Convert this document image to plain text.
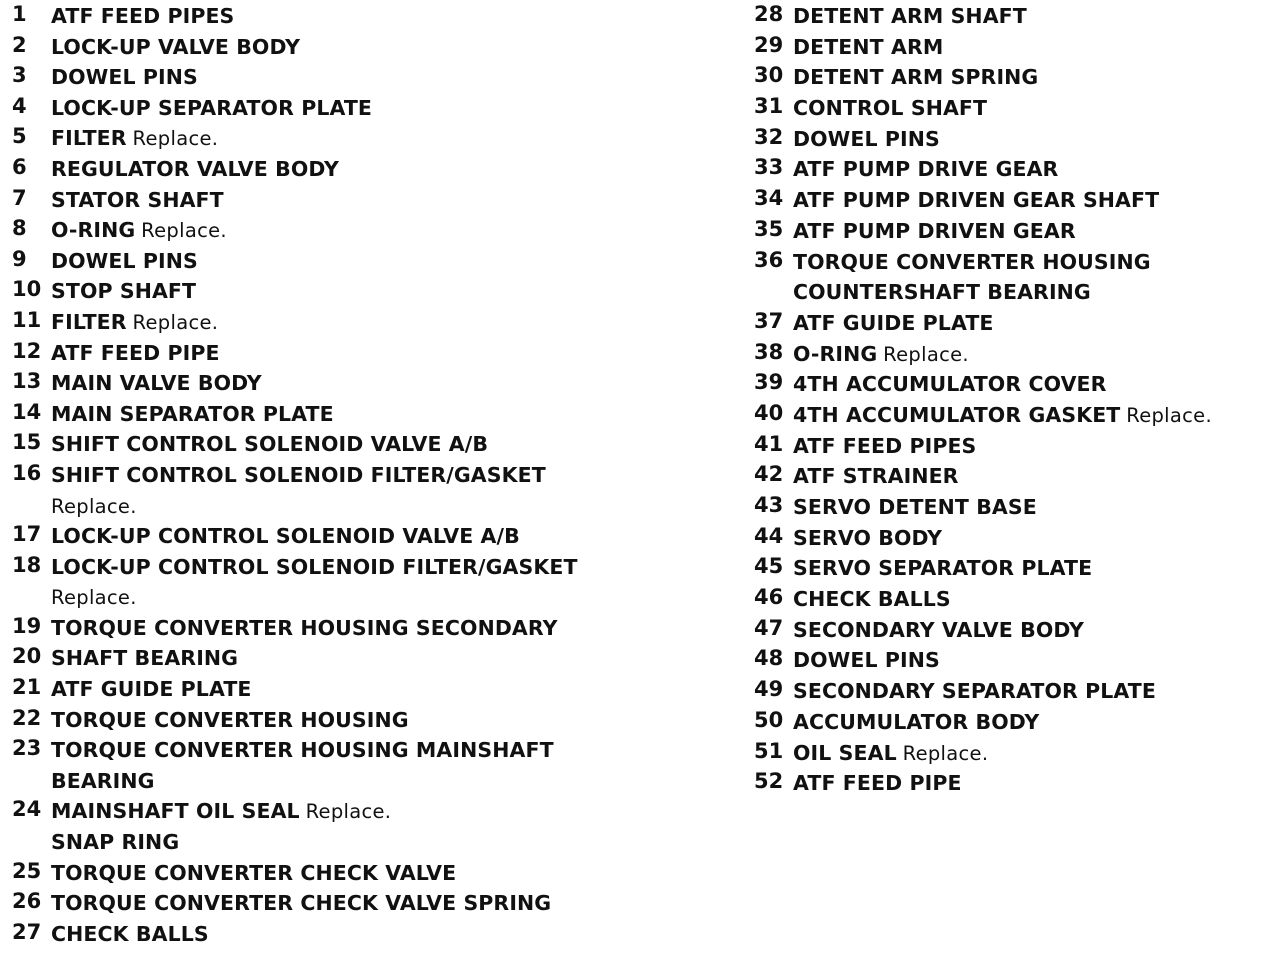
1 ATF FEED PIPES
2 LOCK-UP VALVE BODY
3 DOWEL PINS
4 LOCK-UP SEPARATOR PLATE
5 FILTER Replace.
6 REGULATOR VALVE BODY
7 STATOR SHAFT
8 O-RING Replace.
9 DOWEL PINS
10 STOP SHAFT
11 FILTER Replace.
12 ATF FEED PIPE
13 MAIN VALVE BODY
14 MAIN SEPARATOR PLATE
15 SHIFT CONTROL SOLENOID VALVE A/B
16 SHIFT CONTROL SOLENOID FILTER/GASKET
Replace.
17 LOCK-UP CONTROL SOLENOID VALVE A/B
18 LOCK-UP CONTROL SOLENOID FILTER/GASKET
Replace.
19 TORQUE CONVERTER HOUSING SECONDARY
20 SHAFT BEARING
21 ATF GUIDE PLATE
22 TORQUE CONVERTER HOUSING
23 TORQUE CONVERTER HOUSING MAINSHAFT
BEARING
24 MAINSHAFT OIL SEAL Replace.
SNAP RING
25 TORQUE CONVERTER CHECK VALVE
26 TORQUE CONVERTER CHECK VALVE SPRING
27 CHECK BALLS
28 DETENT ARM SHAFT
29 DETENT ARM
30 DETENT ARM SPRING
31 CONTROL SHAFT
32 DOWEL PINS
33 ATF PUMP DRIVE GEAR
34 ATF PUMP DRIVEN GEAR SHAFT
35 ATF PUMP DRIVEN GEAR
36 TORQUE CONVERTER HOUSING
COUNTERSHAFT BEARING
37 ATF GUIDE PLATE
38 O-RING Replace.
39 4TH ACCUMULATOR COVER
40 4TH ACCUMULATOR GASKET Replace.
41 ATF FEED PIPES
42 ATF STRAINER
43 SERVO DETENT BASE
44 SERVO BODY
45 SERVO SEPARATOR PLATE
46 CHECK BALLS
47 SECONDARY VALVE BODY
48 DOWEL PINS
49 SECONDARY SEPARATOR PLATE
50 ACCUMULATOR BODY
51 OIL SEAL Replace.
52 ATF FEED PIPE
